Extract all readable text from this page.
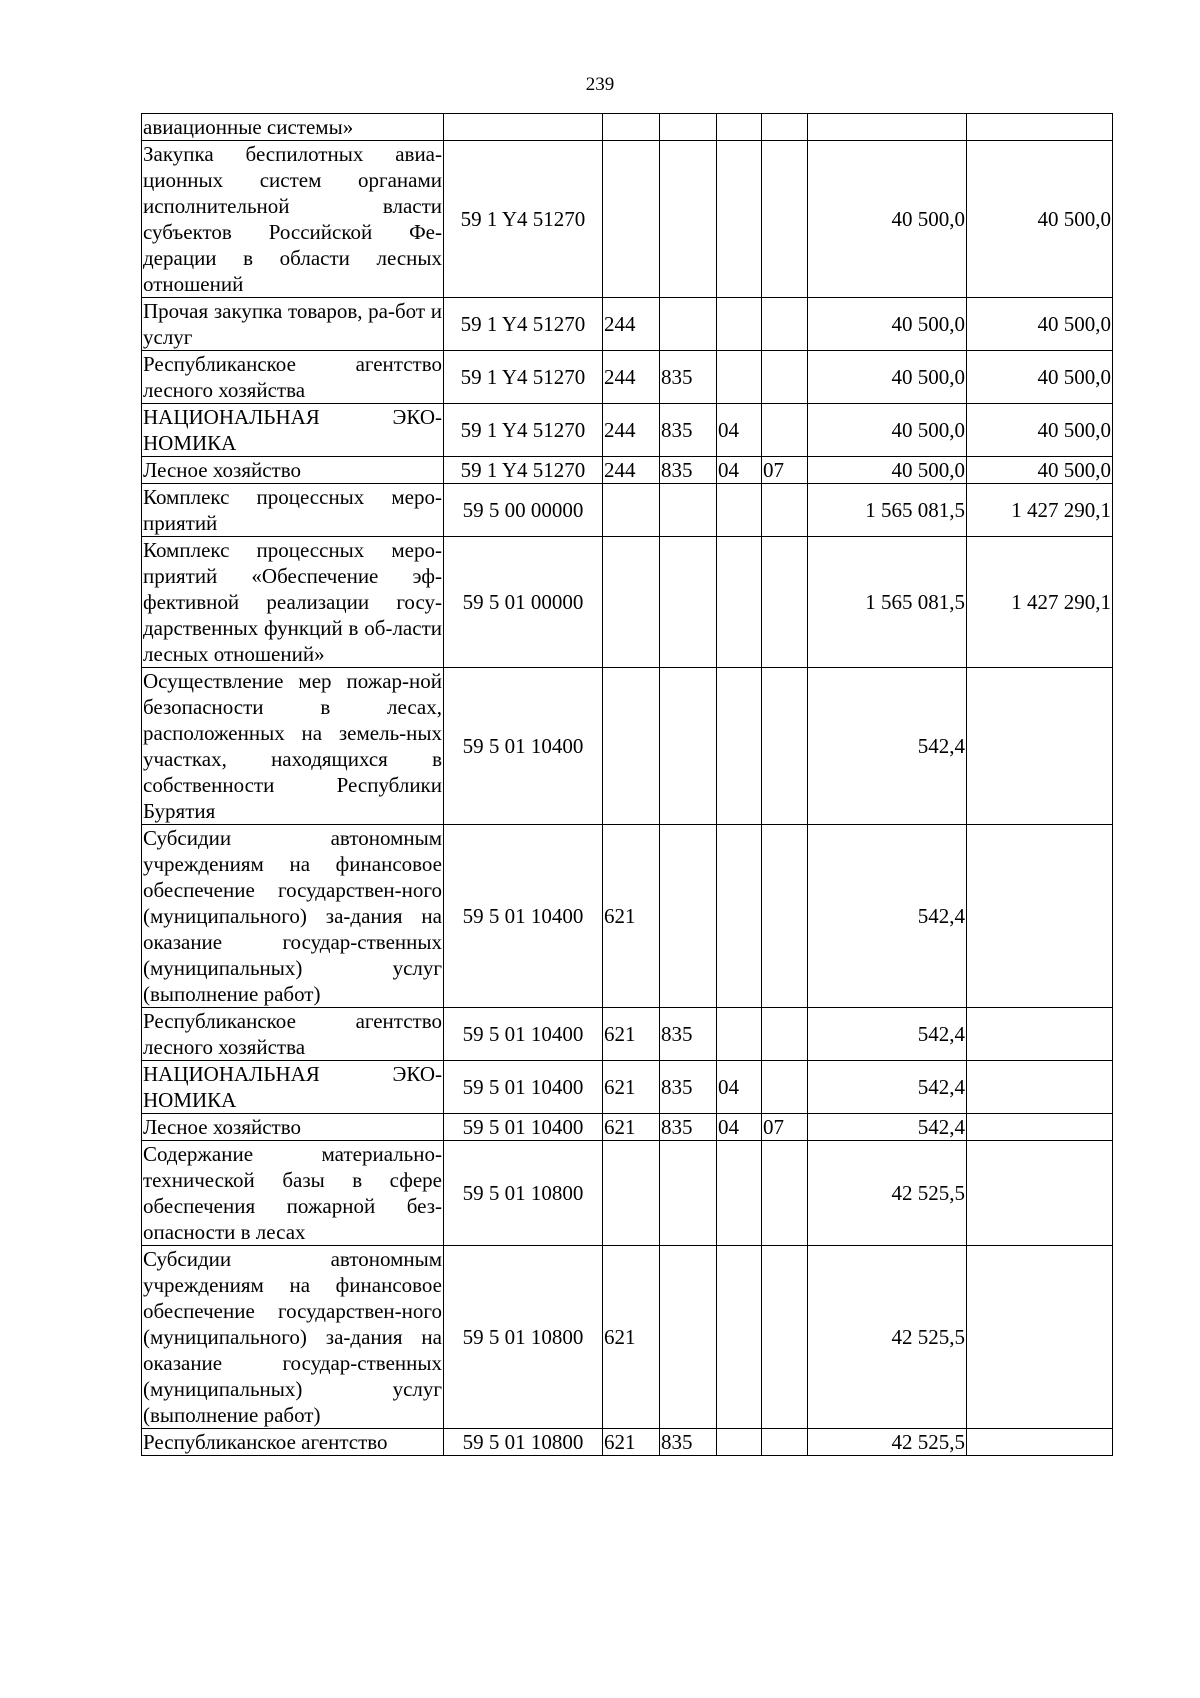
239
авиационные системы»							
Закупка беспилотных авиа-ционных систем органами исполнительной власти субъектов Российской Фе-дерации в области лесных отношений	59 1 Y4 51270					40 500,0	40 500,0
Прочая закупка товаров, ра-бот и услуг	59 1 Y4 51270	244				40 500,0	40 500,0
Республиканское агентство лесного хозяйства	59 1 Y4 51270	244	835			40 500,0	40 500,0
НАЦИОНАЛЬНАЯ ЭКО-НОМИКА	59 1 Y4 51270	244	835	04		40 500,0	40 500,0
Лесное хозяйство	59 1 Y4 51270	244	835	04	07	40 500,0	40 500,0
Комплекс процессных меро-приятий	59 5 00 00000					1 565 081,5	1 427 290,1
Комплекс процессных меро-приятий «Обеспечение эф-фективной реализации госу-дарственных функций в об-ласти лесных отношений»	59 5 01 00000					1 565 081,5	1 427 290,1
Осуществление мер пожар-ной безопасности в лесах, расположенных на земель-ных участках, находящихся в собственности Республики Бурятия	59 5 01 10400					542,4	
Субсидии автономным учреждениям на финансовое обеспечение государствен-ного (муниципального) за-дания на оказание государ-ственных (муниципальных) услуг (выполнение работ)	59 5 01 10400	621				542,4	
Республиканское агентство лесного хозяйства	59 5 01 10400	621	835			542,4	
НАЦИОНАЛЬНАЯ ЭКО-НОМИКА	59 5 01 10400	621	835	04		542,4	
Лесное хозяйство	59 5 01 10400	621	835	04	07	542,4	
Содержание материально-технической базы в сфере обеспечения пожарной без-опасности в лесах	59 5 01 10800					42 525,5	
Субсидии автономным учреждениям на финансовое обеспечение государствен-ного (муниципального) за-дания на оказание государ-ственных (муниципальных) услуг (выполнение работ)	59 5 01 10800	621				42 525,5	
Республиканское агентство	59 5 01 10800	621	835			42 525,5	
